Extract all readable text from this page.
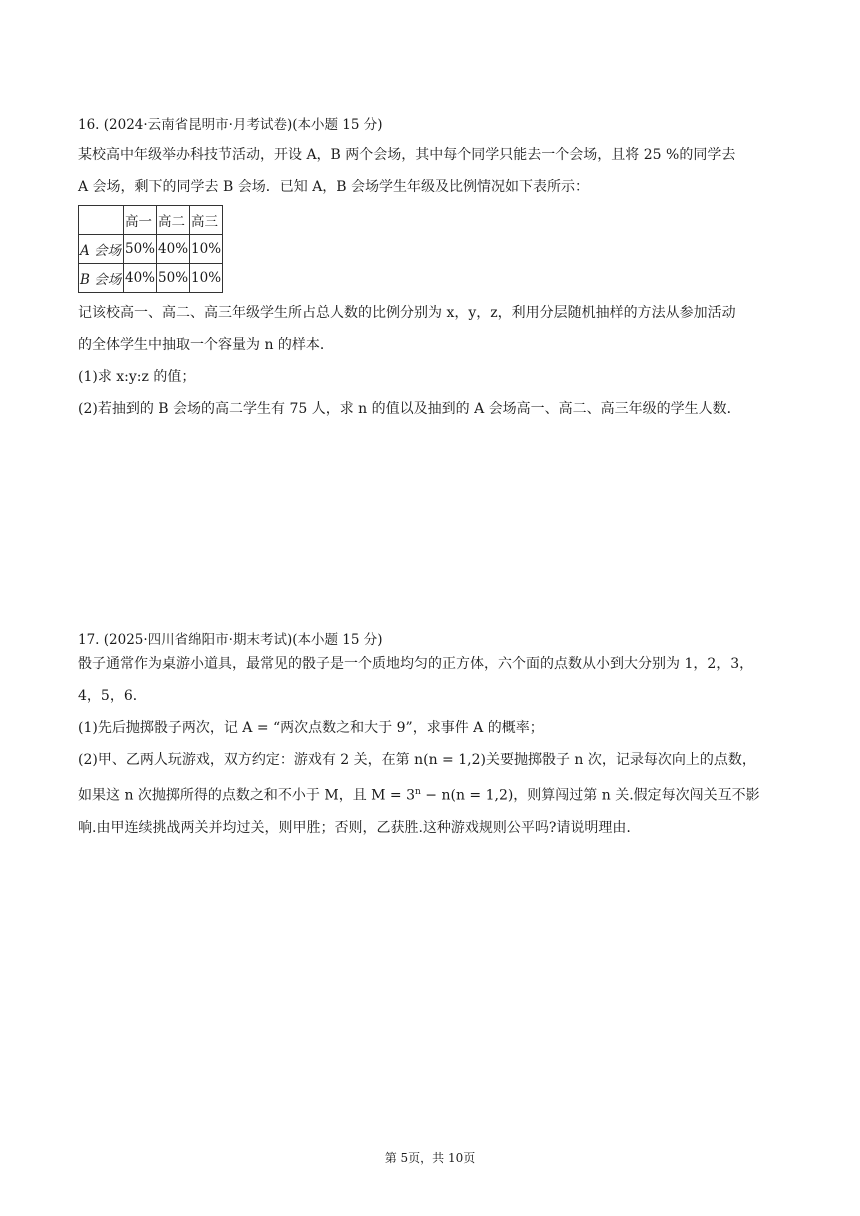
16. (2024·云南省昆明市·月考试卷)(本小题 15 分)

某校高中年级举办科技节活动，开设 A，B 两个会场，其中每个同学只能去一个会场，且将 25 %的同学去

A 会场，剩下的同学去 B 会场．已知 A，B 会场学生年级及比例情况如下表所示：

	高一	高二	高三
A 会场	50%	40%	10%
B 会场	40%	50%	10%

记该校高一、高二、高三年级学生所占总人数的比例分别为 x，y，z，利用分层随机抽样的方法从参加活动

的全体学生中抽取一个容量为 n 的样本．

(1)求 x:y:z 的值；

(2)若抽到的 B 会场的高二学生有 75 人，求 n 的值以及抽到的 A 会场高一、高二、高三年级的学生人数．

17. (2025·四川省绵阳市·期末考试)(本小题 15 分)

骰子通常作为桌游小道具，最常见的骰子是一个质地均匀的正方体，六个面的点数从小到大分别为 1，2，3，

4，5，6．

(1)先后抛掷骰子两次，记 A = “两次点数之和大于 9”，求事件 A 的概率；

(2)甲、乙两人玩游戏，双方约定：游戏有 2 关，在第 n(n = 1,2)关要抛掷骰子 n 次，记录每次向上的点数，

如果这 n 次抛掷所得的点数之和不小于 M，且 $M = 3^n - n(n = 1,2)$，则算闯过第 n 关.假定每次闯关互不影

响.由甲连续挑战两关并均过关，则甲胜；否则，乙获胜.这种游戏规则公平吗?请说明理由.

第 5页，共 10页
